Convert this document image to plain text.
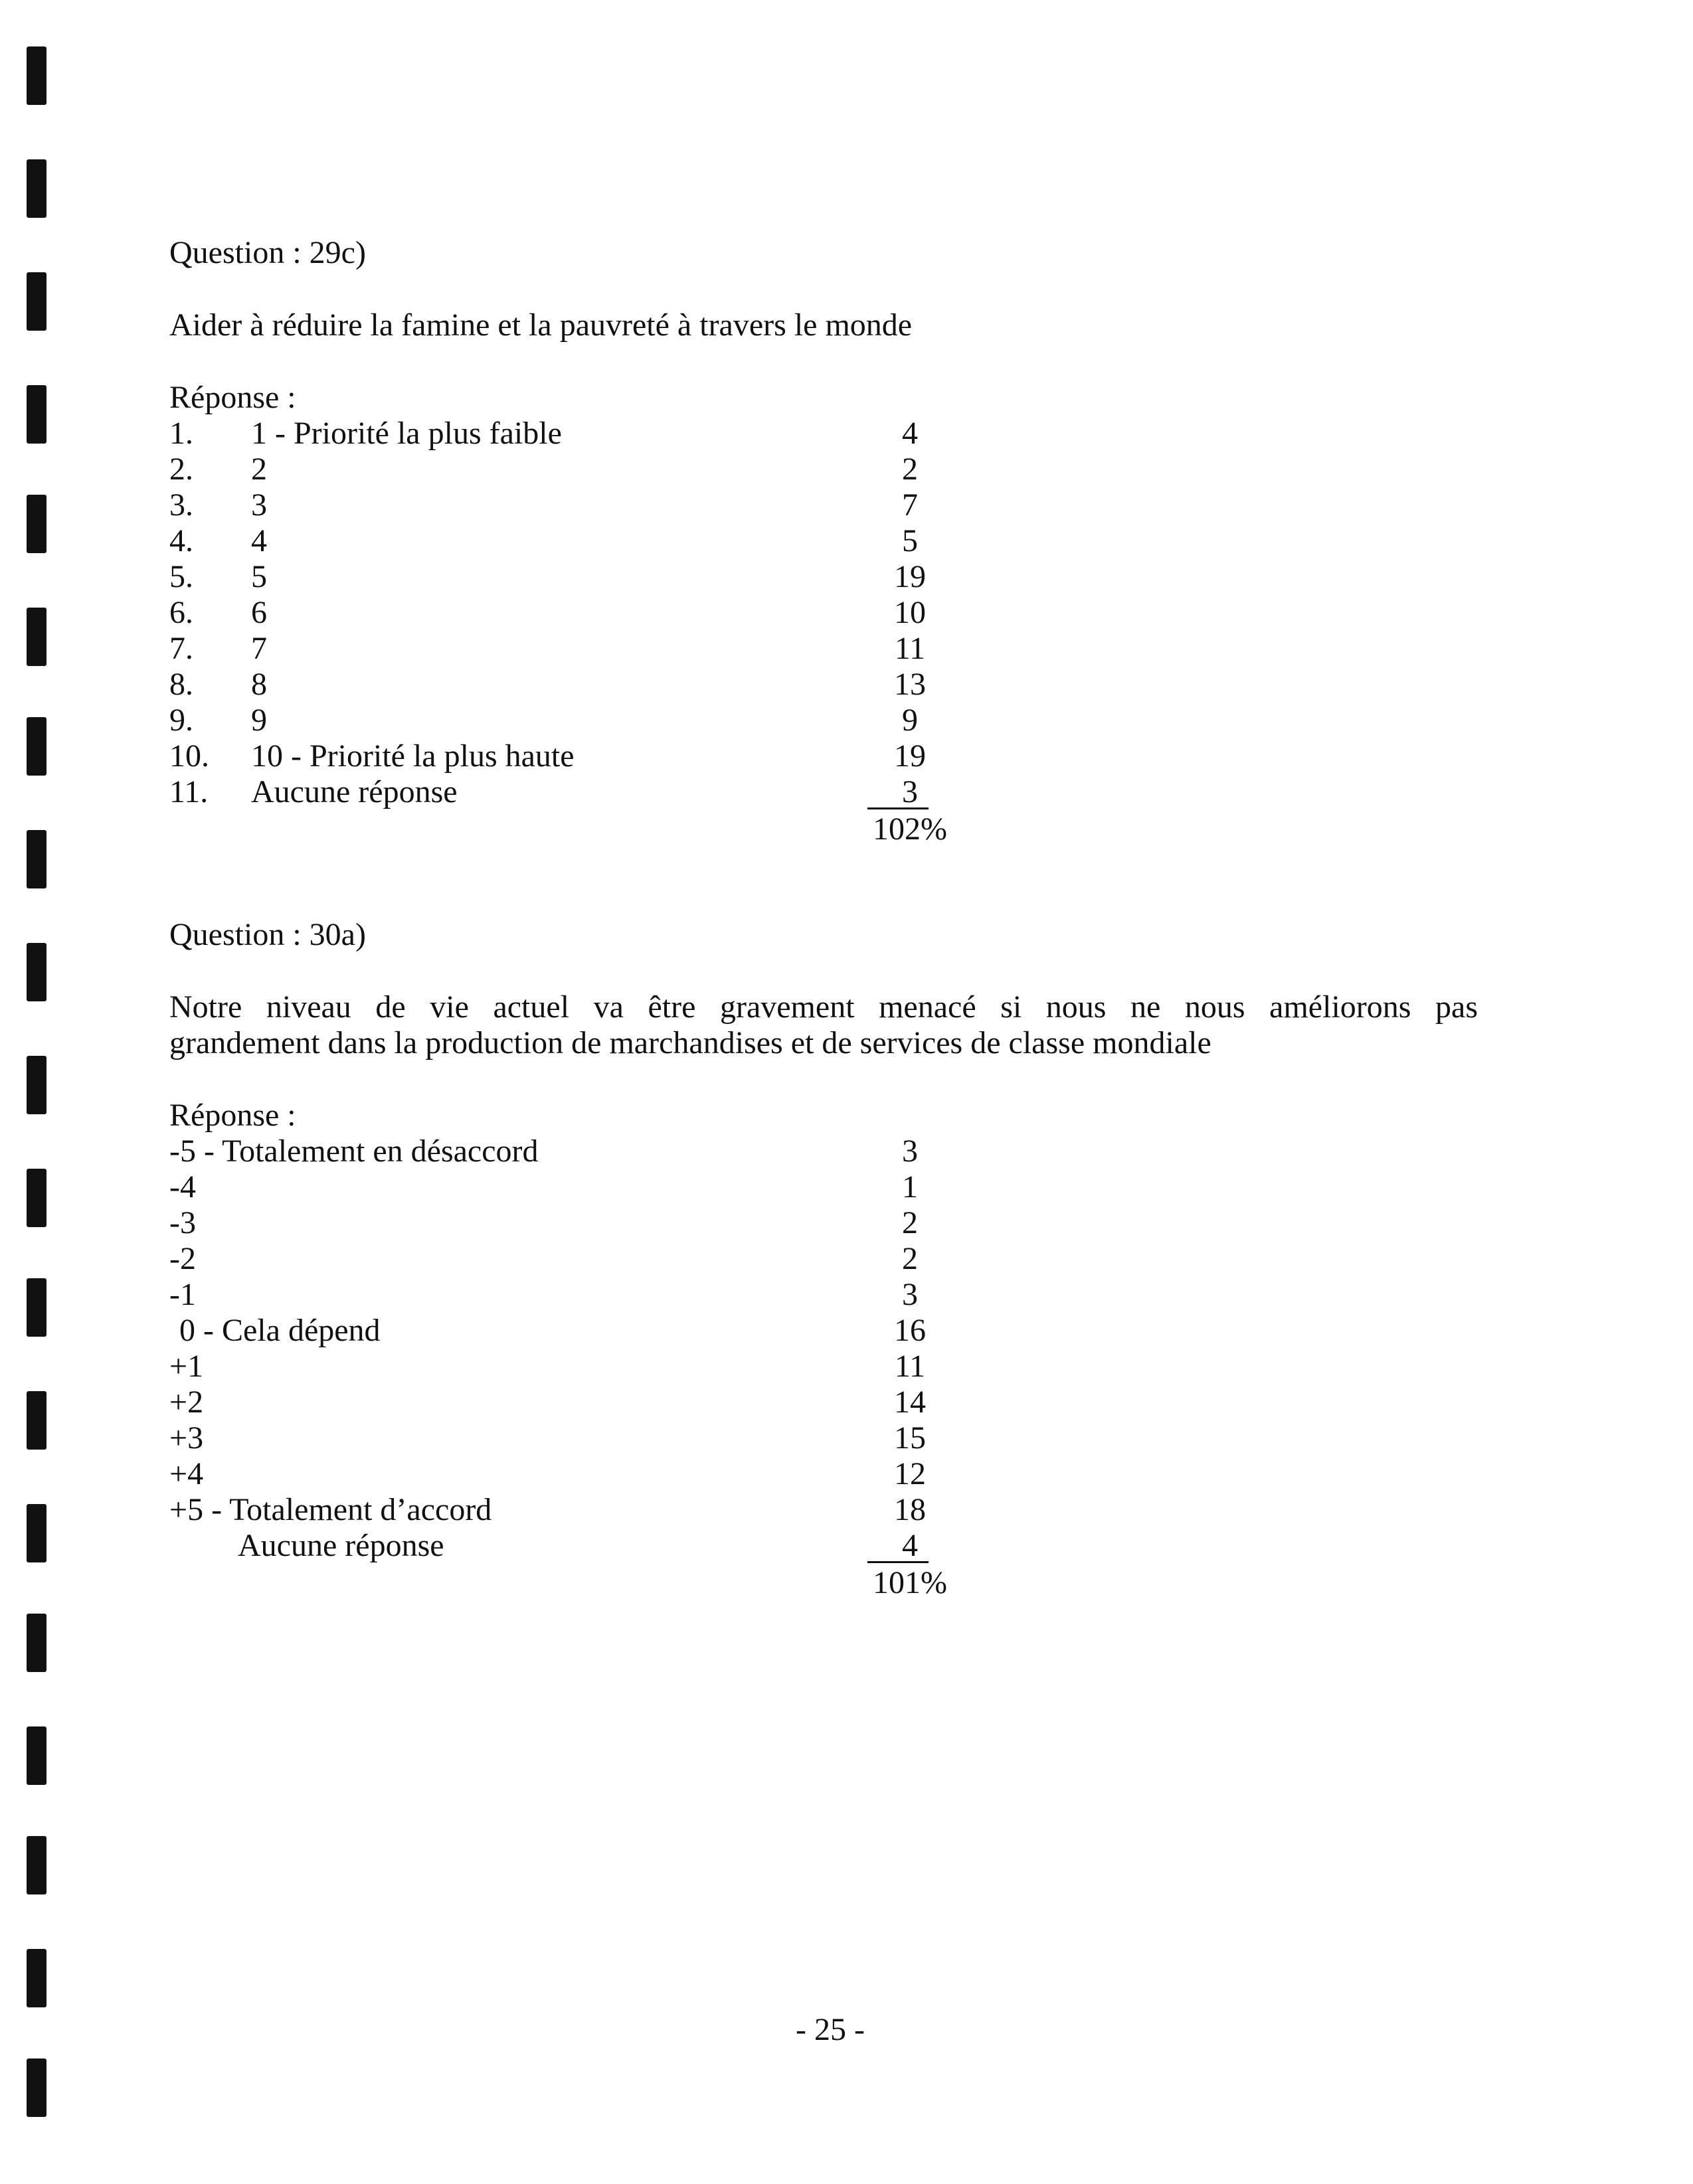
Question : 29c)
Aider à réduire la famine et la pauvreté à travers le monde
Réponse :
1. 1 - Priorité la plus faible	4
2. 2	2
3. 3	7
4. 4	5
5. 5	19
6. 6	10
7. 7	11
8. 8	13
9. 9	9
10. 10 - Priorité la plus haute	19
11. Aucune réponse	3
102%
Question : 30a)
Notre niveau de vie actuel va être gravement menacé si nous ne nous améliorons pas
grandement dans la production de marchandises et de services de classe mondiale
Réponse :
-5 - Totalement en désaccord	3
-4	1
-3	2
-2	2
-1	3
0 - Cela dépend	16
+1	11
+2	14
+3	15
+4	12
+5 - Totalement d’accord	18
Aucune réponse	4
101%
- 25 -
